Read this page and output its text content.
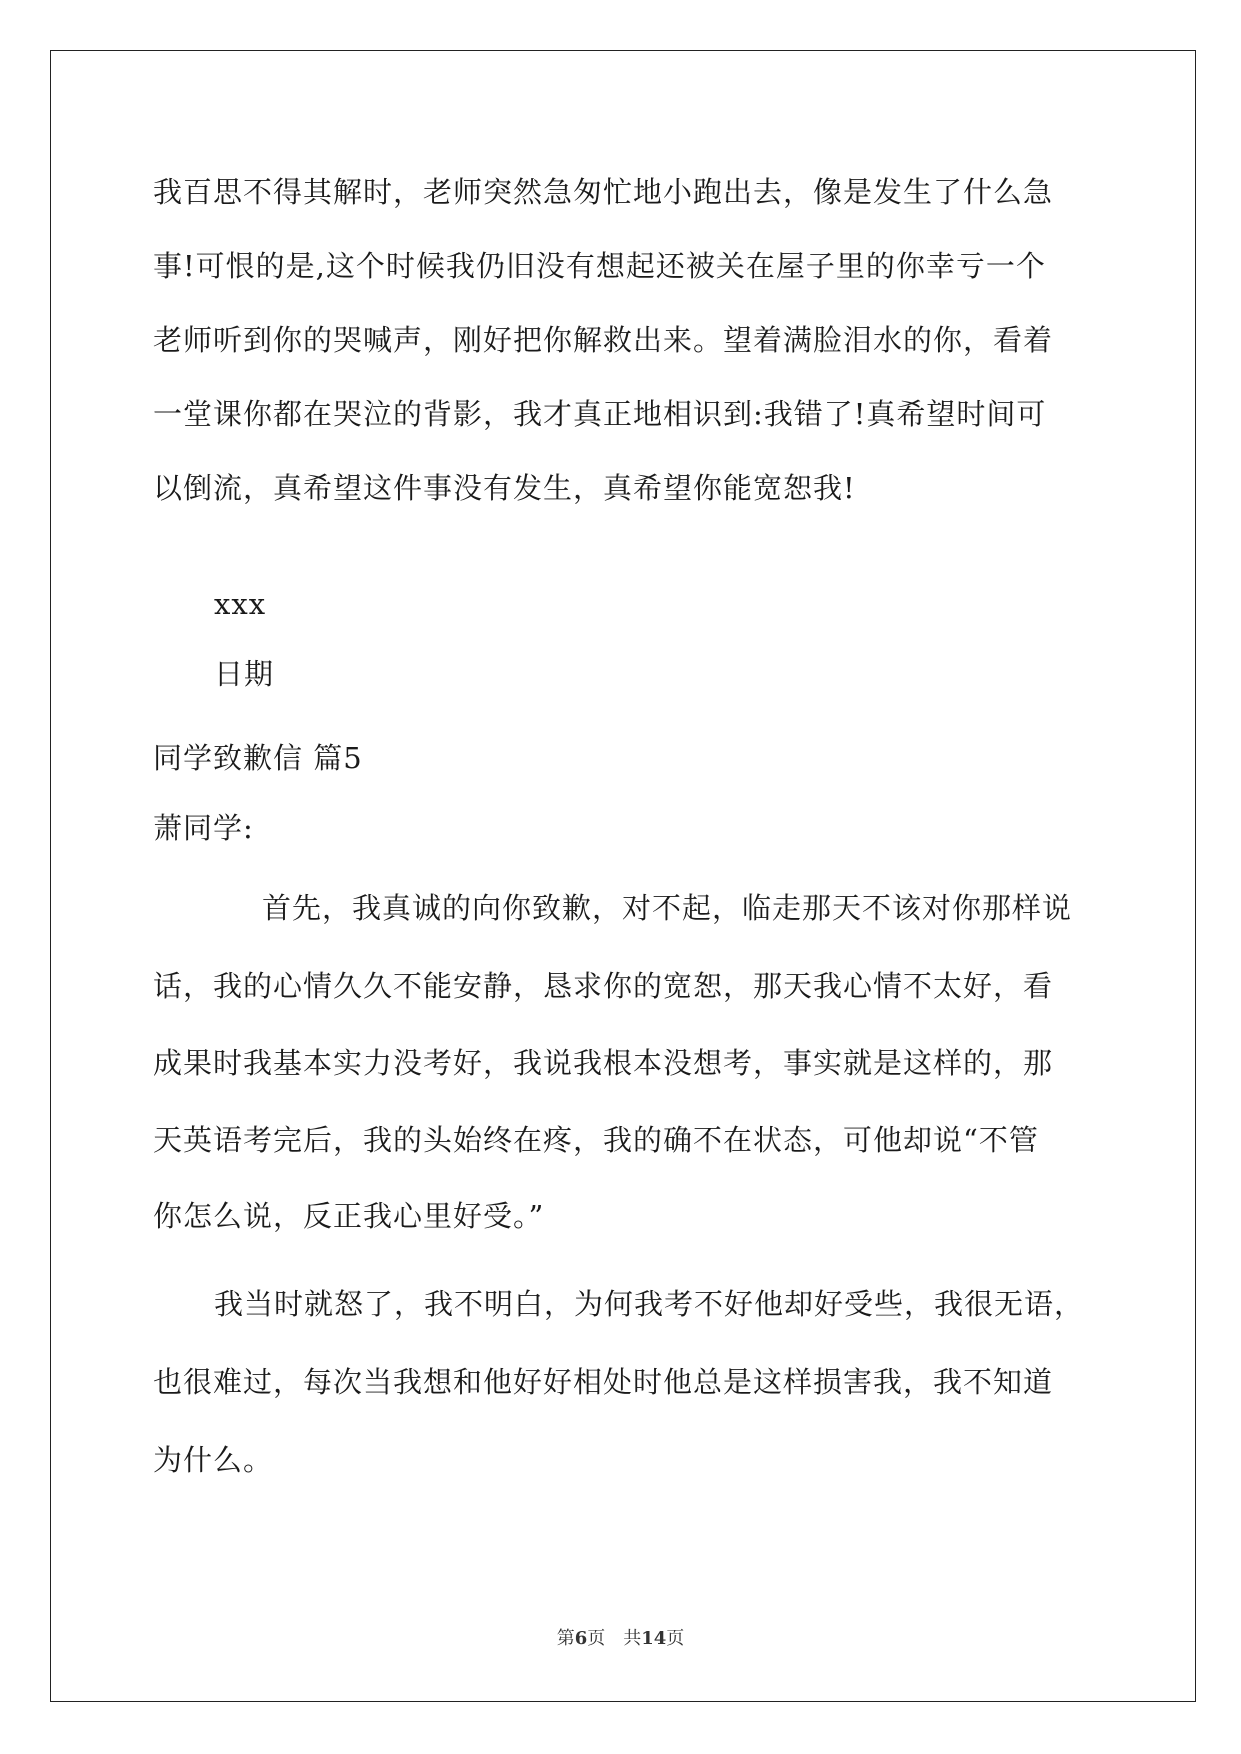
我百思不得其解时，老师突然急匆忙地小跑出去，像是发生了什么急
事!可恨的是,这个时候我仍旧没有想起还被关在屋子里的你幸亏一个
老师听到你的哭喊声，刚好把你解救出来。望着满脸泪水的你，看着
一堂课你都在哭泣的背影，我才真正地相识到:我错了!真希望时间可
以倒流，真希望这件事没有发生，真希望你能宽恕我!
xxx
日期
同学致歉信 篇5
萧同学:
首先，我真诚的向你致歉，对不起，临走那天不该对你那样说
话，我的心情久久不能安静，恳求你的宽恕，那天我心情不太好，看
成果时我基本实力没考好，我说我根本没想考，事实就是这样的，那
天英语考完后，我的头始终在疼，我的确不在状态，可他却说“不管
你怎么说，反正我心里好受。”
我当时就怒了，我不明白，为何我考不好他却好受些，我很无语，
也很难过，每次当我想和他好好相处时他总是这样损害我，我不知道
为什么。
第6页 共14页
